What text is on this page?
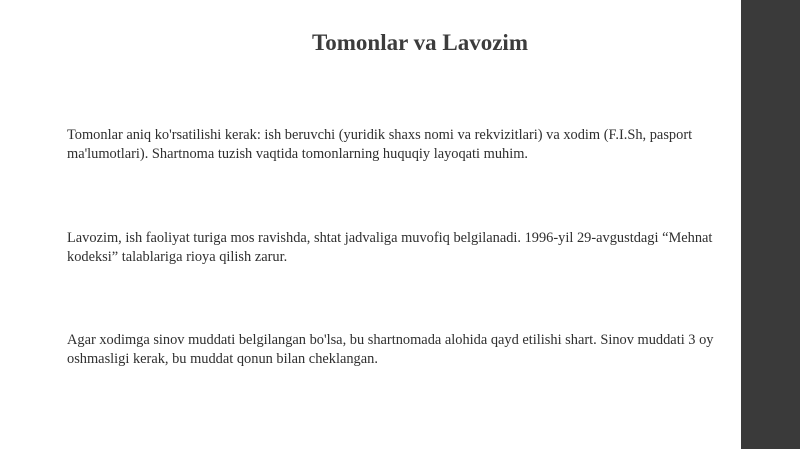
Tomonlar va Lavozim
Tomonlar aniq ko'rsatilishi kerak: ish beruvchi (yuridik shaxs nomi va rekvizitlari) va xodim (F.I.Sh, pasport
ma'lumotlari). Shartnoma tuzish vaqtida tomonlarning huquqiy layoqati muhim.
Lavozim, ish faoliyat turiga mos ravishda, shtat jadvaliga muvofiq belgilanadi. 1996-yil 29-avgustdagi “Mehnat
kodeksi” talablariga rioya qilish zarur.
Agar xodimga sinov muddati belgilangan bo'lsa, bu shartnomada alohida qayd etilishi shart. Sinov muddati 3 oy
oshmasligi kerak, bu muddat qonun bilan cheklangan.
